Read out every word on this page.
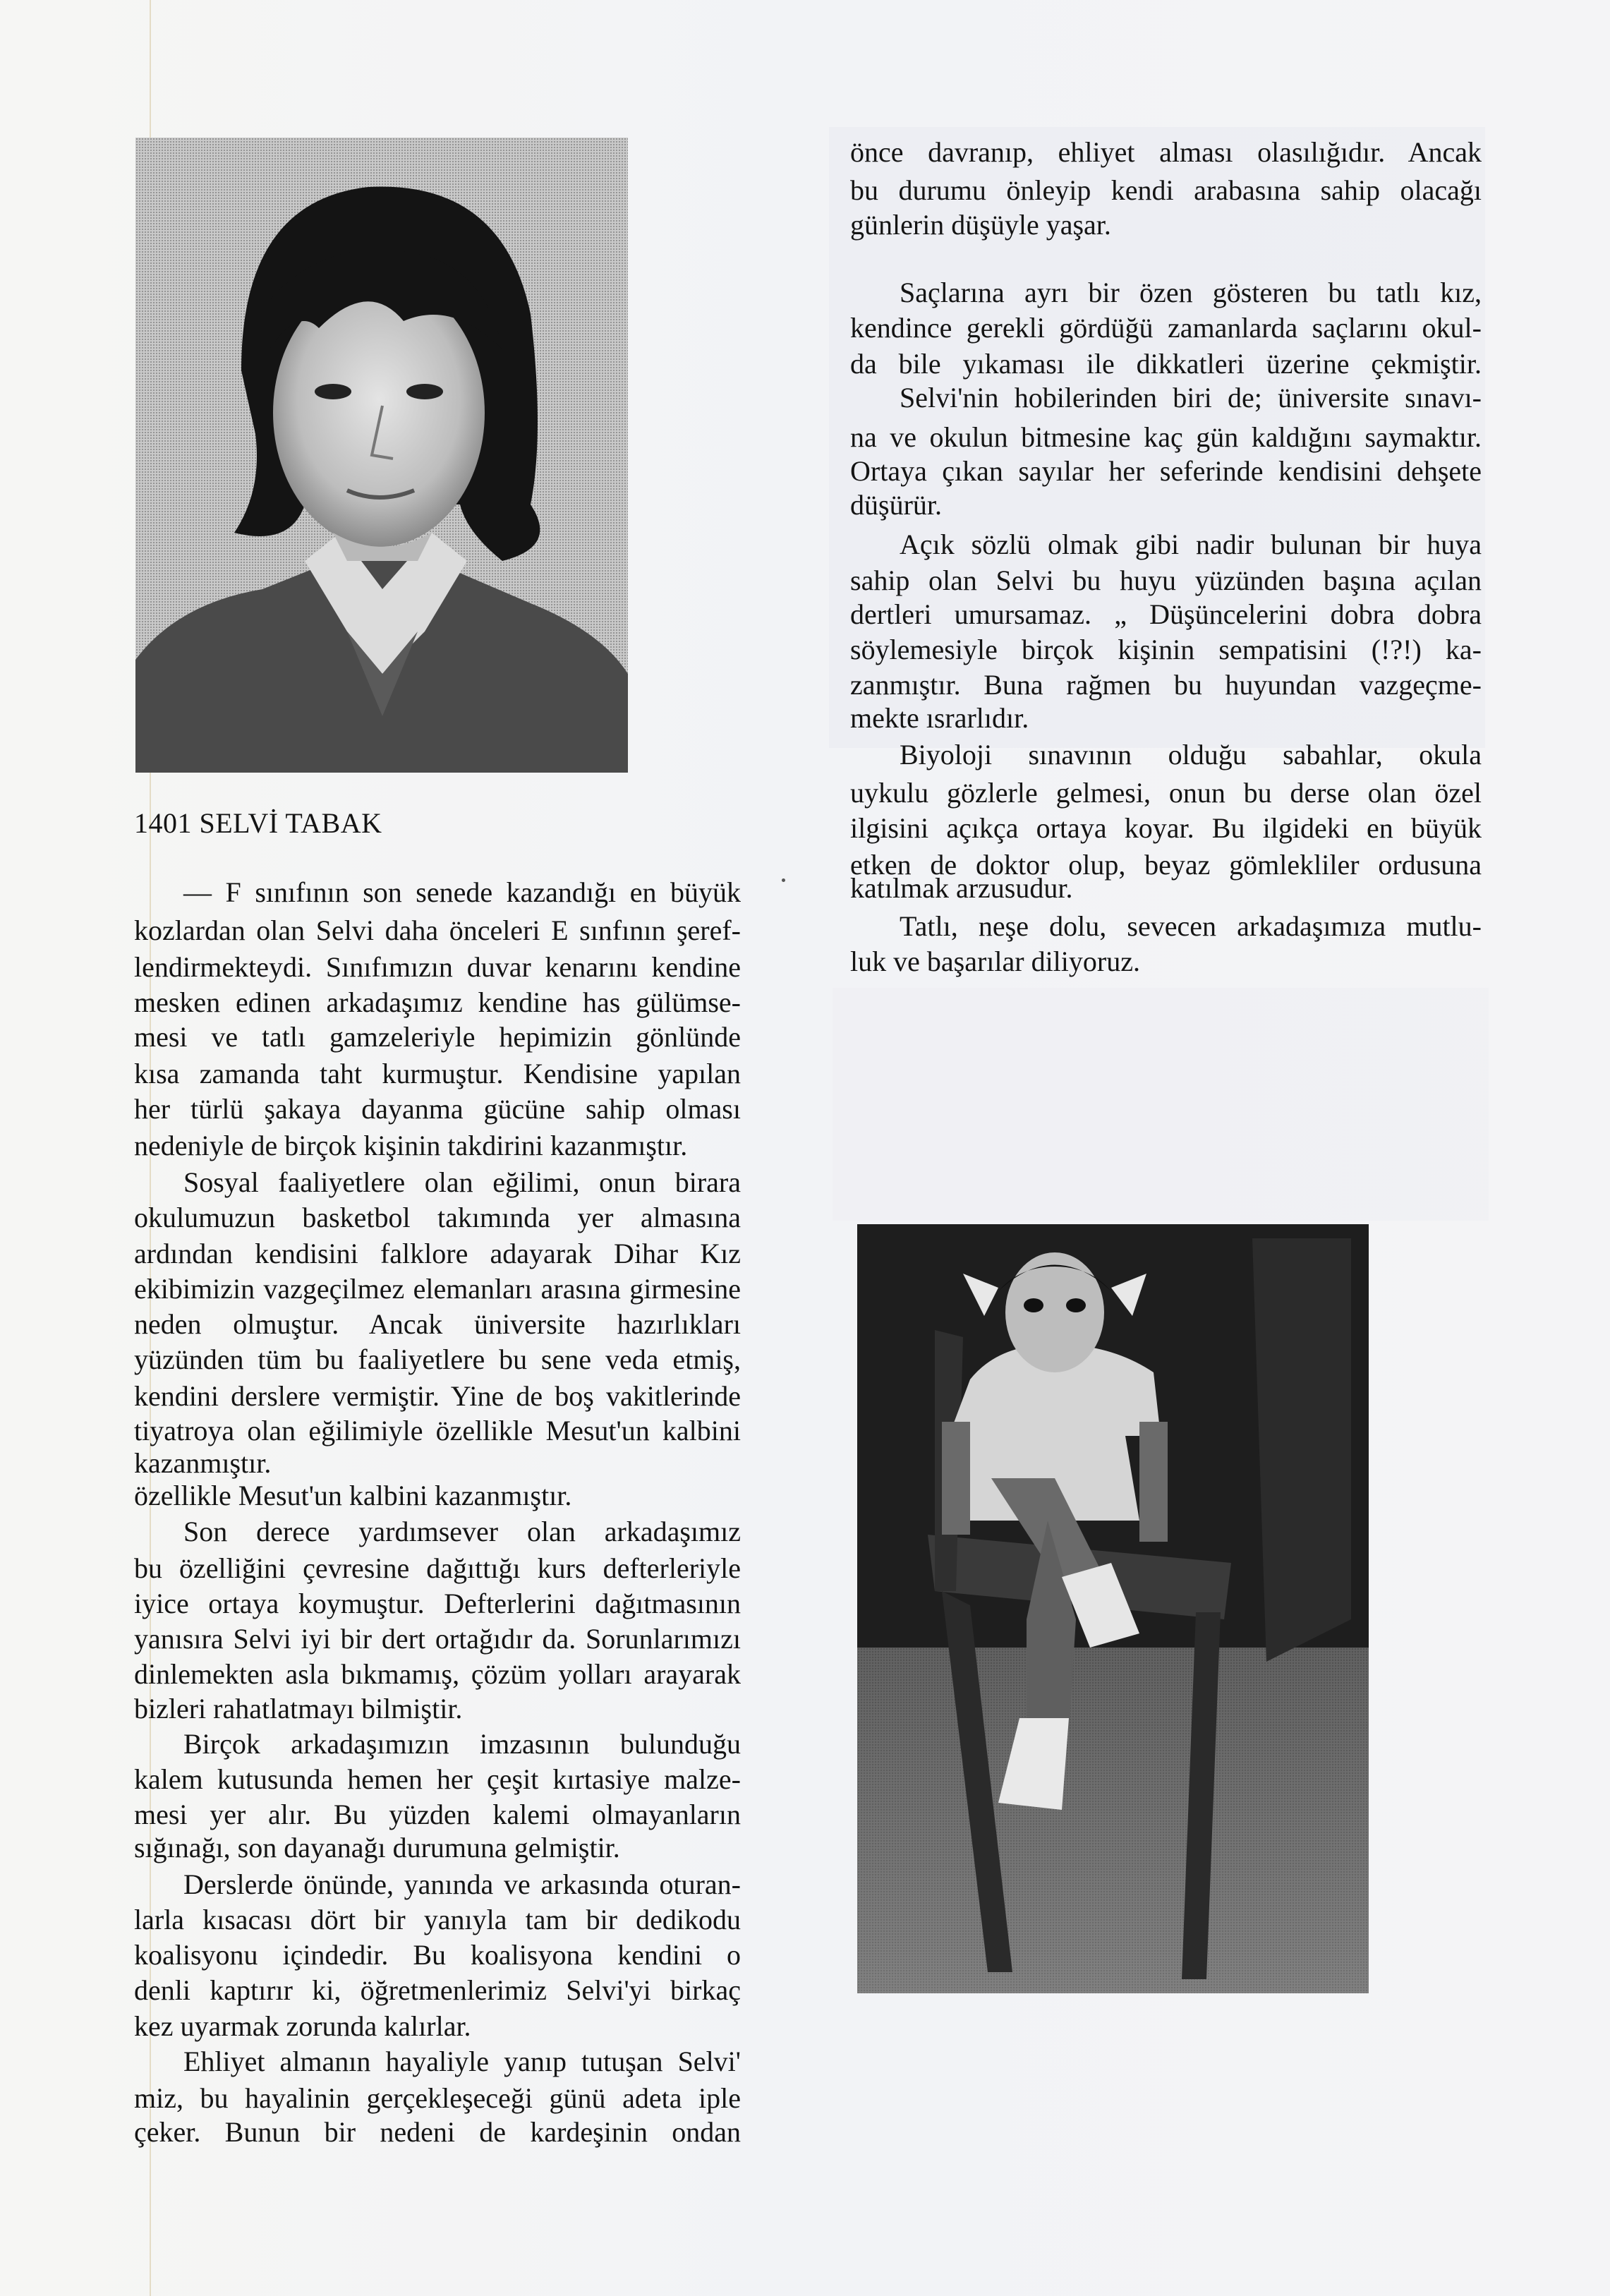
1401 SELVİ TABAK
— F sınıfının son senede kazandığı en büyük
kozlardan olan Selvi daha önceleri E sınfının şeref-
lendirmekteydi. Sınıfımızın duvar kenarını kendine
mesken edinen arkadaşımız kendine has gülümse-
mesi ve tatlı gamzeleriyle hepimizin gönlünde
kısa zamanda taht kurmuştur. Kendisine yapılan
her türlü şakaya dayanma gücüne sahip olması
nedeniyle de birçok kişinin takdirini kazanmıştır.
Sosyal faaliyetlere olan eğilimi, onun birara
okulumuzun basketbol takımında yer almasına
ardından kendisini falklore adayarak Dihar Kız
ekibimizin vazgeçilmez elemanları arasına girmesine
neden olmuştur. Ancak üniversite hazırlıkları
yüzünden tüm bu faaliyetlere bu sene veda etmiş,
kendini derslere vermiştir. Yine de boş vakitlerinde
tiyatroya olan eğilimiyle özellikle Mesut'un kalbini
kazanmıştır.
özellikle Mesut'un kalbini kazanmıştır.
Son derece yardımsever olan arkadaşımız
bu özelliğini çevresine dağıttığı kurs defterleriyle
iyice ortaya koymuştur. Defterlerini dağıtmasının
yanısıra Selvi iyi bir dert ortağıdır da. Sorunlarımızı
dinlemekten asla bıkmamış, çözüm yolları arayarak
bizleri rahatlatmayı bilmiştir.
Birçok arkadaşımızın imzasının bulunduğu
kalem kutusunda hemen her çeşit kırtasiye malze-
mesi yer alır. Bu yüzden kalemi olmayanların
sığınağı, son dayanağı durumuna gelmiştir.
Derslerde önünde, yanında ve arkasında oturan-
larla kısacası dört bir yanıyla tam bir dedikodu
koalisyonu içindedir. Bu koalisyona kendini o
denli kaptırır ki, öğretmenlerimiz Selvi'yi birkaç
kez uyarmak zorunda kalırlar.
Ehliyet almanın hayaliyle yanıp tutuşan Selvi'
miz, bu hayalinin gerçekleşeceği günü adeta iple
çeker. Bunun bir nedeni de kardeşinin ondan
önce davranıp, ehliyet alması olasılığıdır. Ancak
bu durumu önleyip kendi arabasına sahip olacağı
günlerin düşüyle yaşar.
Saçlarına ayrı bir özen gösteren bu tatlı kız,
kendince gerekli gördüğü zamanlarda saçlarını okul-
da bile yıkaması ile dikkatleri üzerine çekmiştir.
Selvi'nin hobilerinden biri de; üniversite sınavı-
na ve okulun bitmesine kaç gün kaldığını saymaktır.
Ortaya çıkan sayılar her seferinde kendisini dehşete
düşürür.
Açık sözlü olmak gibi nadir bulunan bir huya
sahip olan Selvi bu huyu yüzünden başına açılan
dertleri umursamaz. „ Düşüncelerini dobra dobra
söylemesiyle birçok kişinin sempatisini (!?!) ka-
zanmıştır. Buna rağmen bu huyundan vazgeçme-
mekte ısrarlıdır.
Biyoloji sınavının olduğu sabahlar, okula
uykulu gözlerle gelmesi, onun bu derse olan özel
ilgisini açıkça ortaya koyar. Bu ilgideki en büyük
etken de doktor olup, beyaz gömlekliler ordusuna
katılmak arzusudur.
Tatlı, neşe dolu, sevecen arkadaşımıza mutlu-
luk ve başarılar diliyoruz.
